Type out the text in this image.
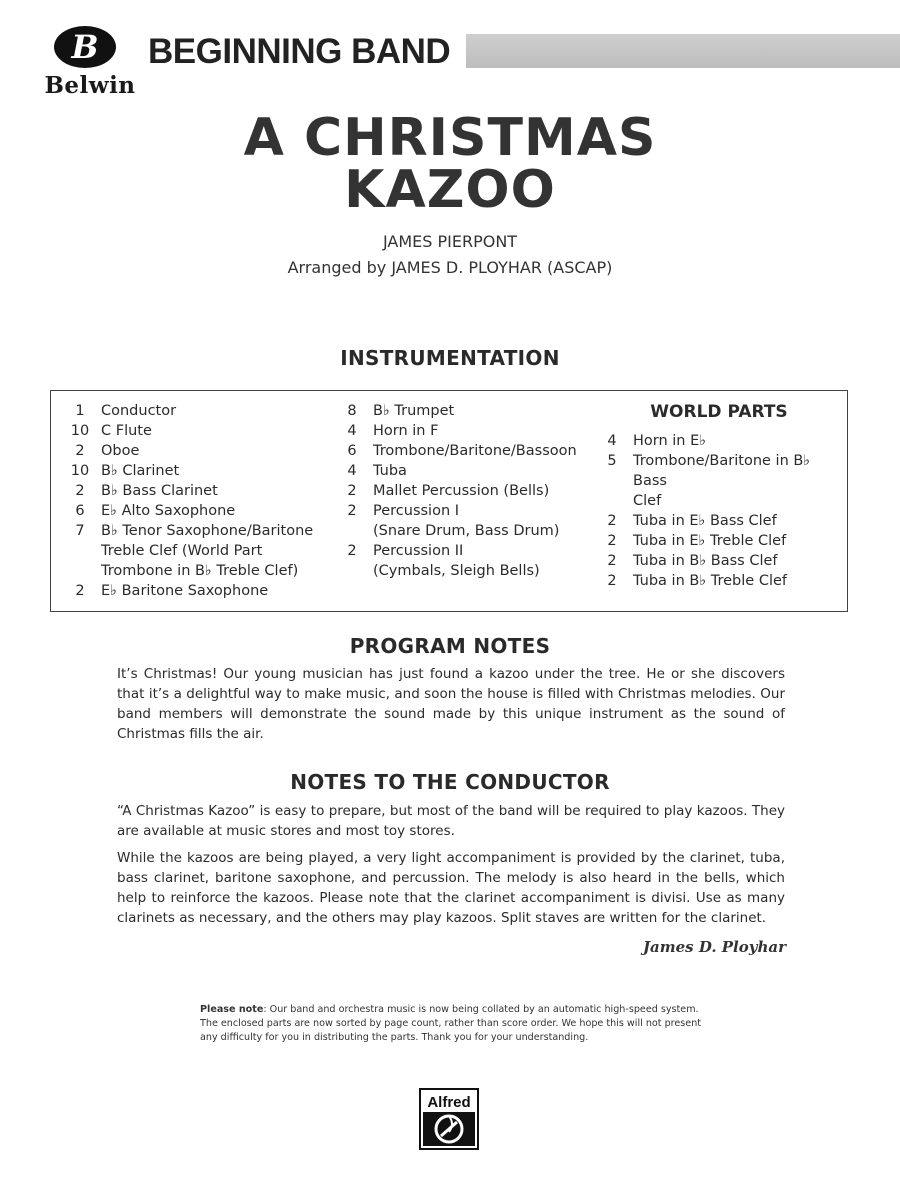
B
Belwin
BEGINNING BAND
A CHRISTMAS
KAZOO
JAMES PIERPONT
Arranged by JAMES D. PLOYHAR (ASCAP)
INSTRUMENTATION
1	Conductor
10 C Flute
2	Oboe
10 B♭ Clarinet
2	B♭ Bass Clarinet
6	E♭ Alto Saxophone
7	B♭ Tenor Saxophone/Baritone
Treble Clef (World Part
Trombone in B♭ Treble Clef)
2	E♭ Baritone Saxophone
8	B♭ Trumpet
4	Horn in F
6	Trombone/Baritone/Bassoon
4	Tuba
2	Mallet Percussion (Bells)
2	Percussion I
(Snare Drum, Bass Drum)
2	Percussion II
(Cymbals, Sleigh Bells)
WORLD PARTS
4	Horn in E♭
5	Trombone/Baritone in B♭ Bass
Clef
2	Tuba in E♭ Bass Clef
2	Tuba in E♭ Treble Clef
2	Tuba in B♭ Bass Clef
2	Tuba in B♭ Treble Clef
PROGRAM NOTES

It’s Christmas! Our young musician has just found a kazoo under the tree. He or she discovers that it’s a delightful way to make music, and soon the house is filled with Christmas melodies. Our band members will demonstrate the sound made by this unique instrument as the sound of Christmas fills the air.

NOTES TO THE CONDUCTOR

“A Christmas Kazoo” is easy to prepare, but most of the band will be required to play kazoos. They are available at music stores and most toy stores.

While the kazoos are being played, a very light accompaniment is provided by the clarinet, tuba, bass clarinet, baritone saxophone, and percussion. The melody is also heard in the bells, which help to reinforce the kazoos. Please note that the clarinet accompaniment is divisi. Use as many clarinets as necessary, and the others may play kazoos. Split staves are written for the clarinet.

James D. Ployhar

Please note: Our band and orchestra music is now being collated by an automatic high-speed system. The enclosed parts are now sorted by page count, rather than score order. We hope this will not present any difficulty for you in distributing the parts. Thank you for your understanding.

Alfred
